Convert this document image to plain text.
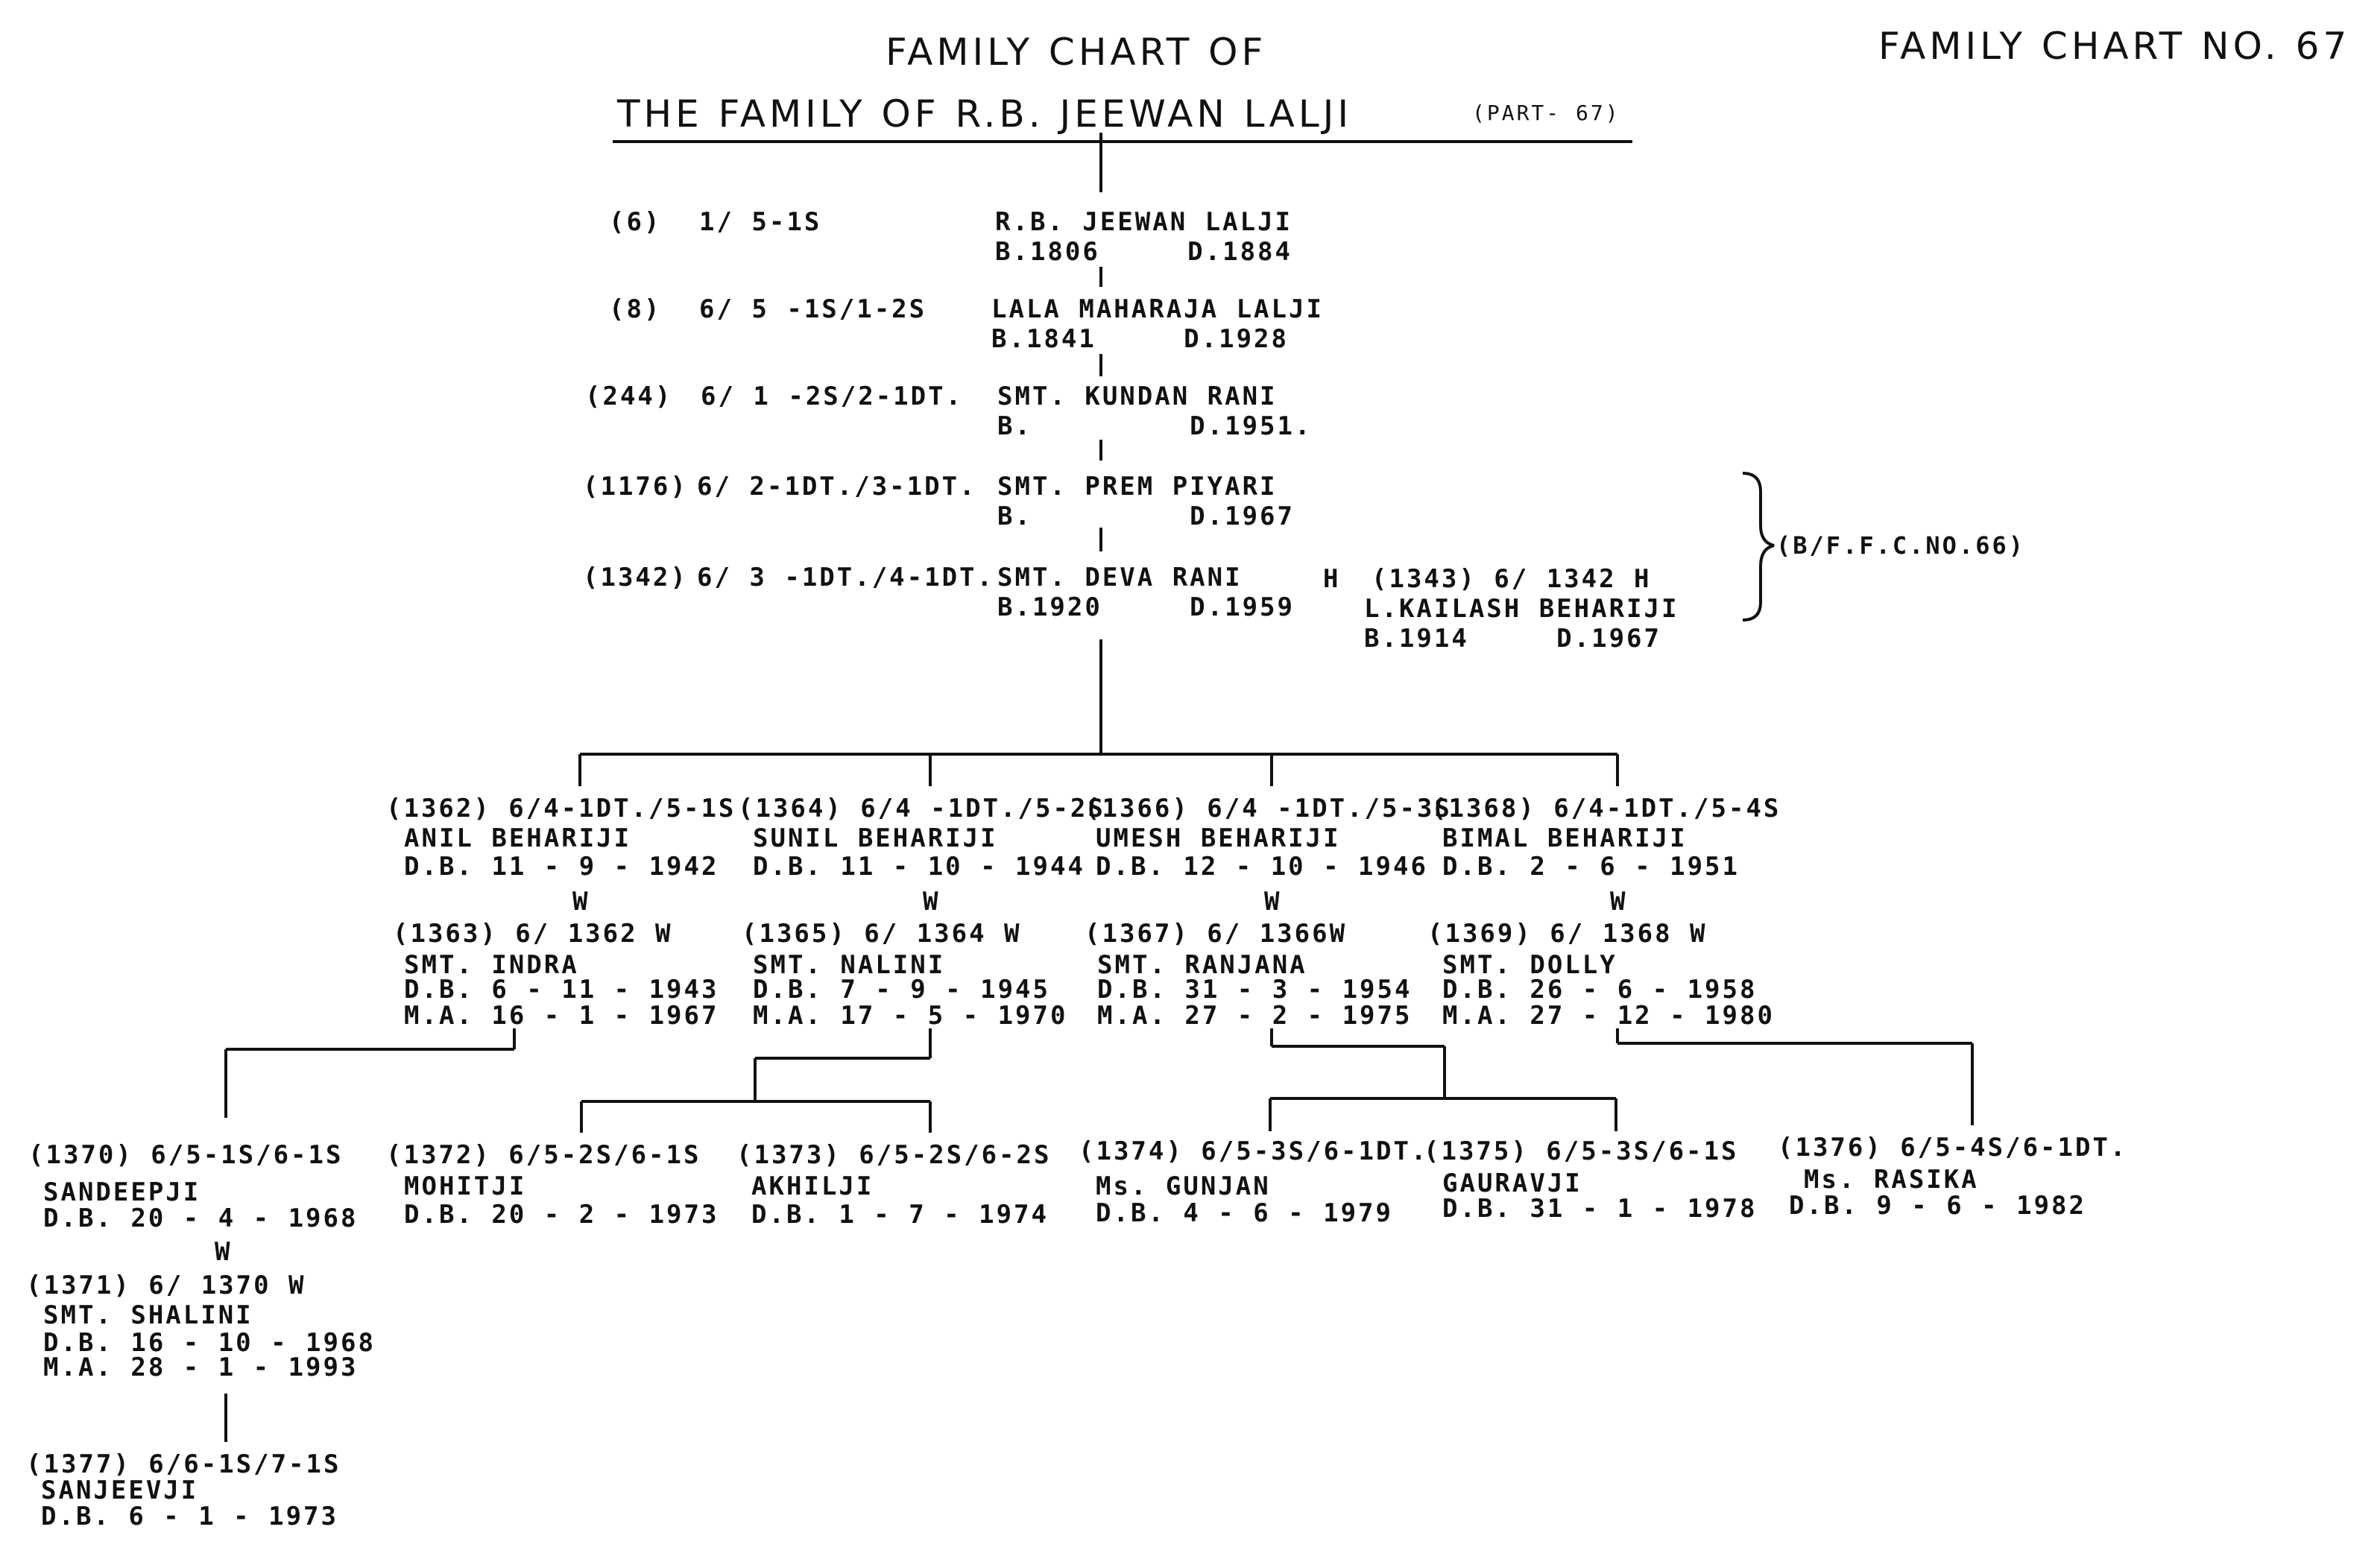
FAMILY CHART OF
THE FAMILY OF R.B. JEEWAN LALJI	(PART- 67)
FAMILY CHART NO. 67
(6) 1/ 5-1S	R.B. JEEWAN LALJI
B.1806     D.1884
(8) 6/ 5 -1S/1-2S	LALA MAHARAJA LALJI
B.1841     D.1928
(244) 6/ 1 -2S/2-1DT. SMT. KUNDAN RANI
B.         D.1951.
(1176) 6/ 2-1DT./3-1DT. SMT. PREM PIYARI
B.         D.1967
(1342) 6/ 3 -1DT./4-1DT. SMT. DEVA RANI
B.1920     D.1959
H (1343) 6/ 1342 H
L.KAILASH BEHARIJI
B.1914     D.1967
(B/F.F.C.NO.66)
(1362) 6/4-1DT./5-1S
ANIL BEHARIJI
D.B. 11 - 9 - 1942
W
(1363) 6/ 1362 W
SMT. INDRA
D.B. 6 - 11 - 1943
M.A. 16 - 1 - 1967
(1364) 6/4 -1DT./5-2S
SUNIL BEHARIJI
D.B. 11 - 10 - 1944
W
(1365) 6/ 1364 W
SMT. NALINI
D.B. 7 - 9 - 1945
M.A. 17 - 5 - 1970
(1366) 6/4 -1DT./5-3S
UMESH BEHARIJI
D.B. 12 - 10 - 1946
W
(1367) 6/ 1366W
SMT. RANJANA
D.B. 31 - 3 - 1954
M.A. 27 - 2 - 1975
(1368) 6/4-1DT./5-4S
BIMAL BEHARIJI
D.B. 2 - 6 - 1951
W
(1369) 6/ 1368 W
SMT. DOLLY
D.B. 26 - 6 - 1958
M.A. 27 - 12 - 1980
(1370) 6/5-1S/6-1S
SANDEEPJI
D.B. 20 - 4 - 1968
(1372) 6/5-2S/6-1S
MOHITJI
D.B. 20 - 2 - 1973
(1373) 6/5-2S/6-2S
AKHILJI
D.B. 1 - 7 - 1974
(1374) 6/5-3S/6-1DT.
Ms. GUNJAN
D.B. 4 - 6 - 1979
(1375) 6/5-3S/6-1S
GAURAVJI
D.B. 31 - 1 - 1978
(1376) 6/5-4S/6-1DT.
Ms. RASIKA
D.B. 9 - 6 - 1982
W
(1371) 6/ 1370 W
SMT. SHALINI
D.B. 16 - 10 - 1968
M.A. 28 - 1 - 1993
(1377) 6/6-1S/7-1S
SANJEEVJI
D.B. 6 - 1 - 1973
